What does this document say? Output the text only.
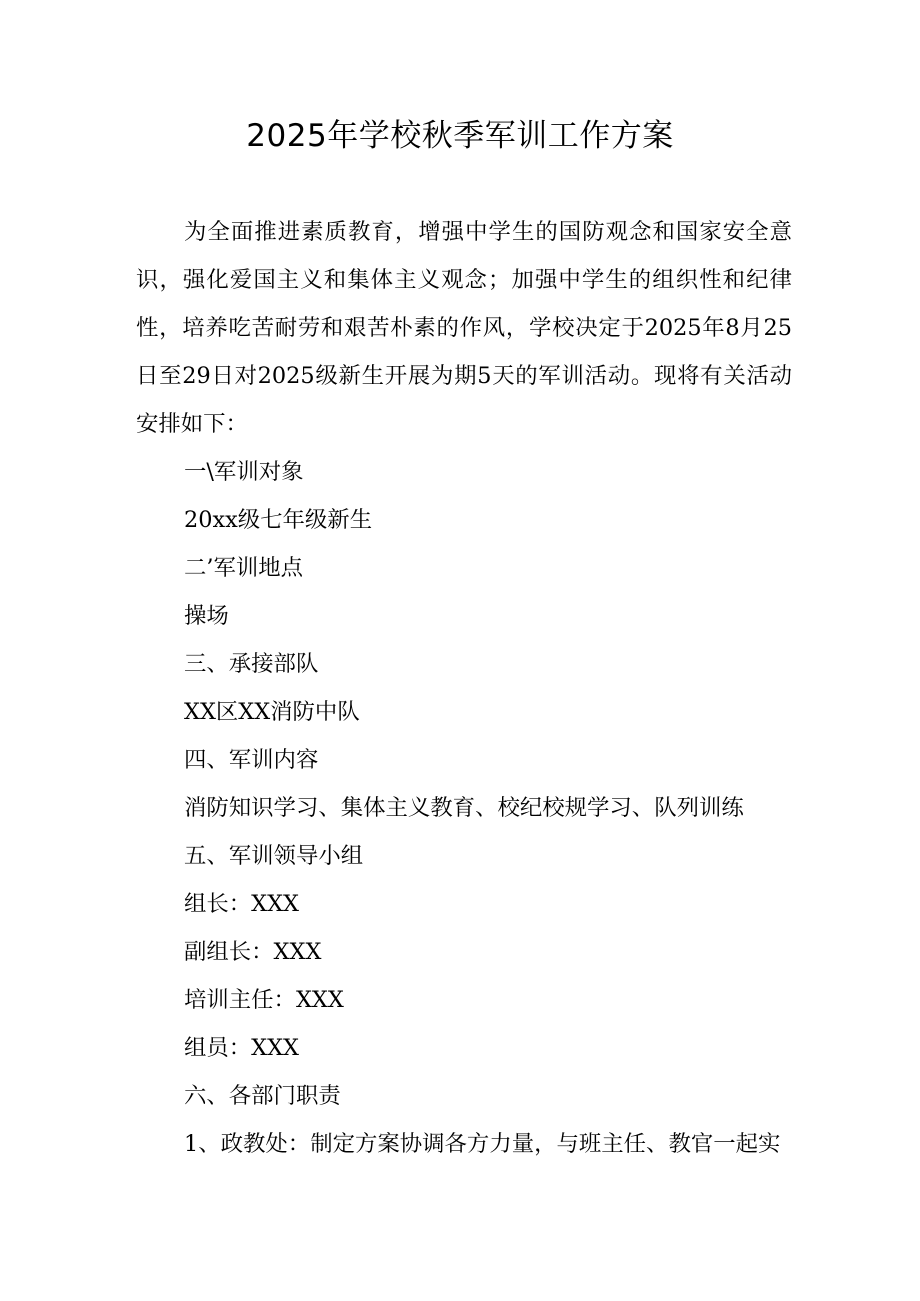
2025年学校秋季军训工作方案

为全面推进素质教育，增强中学生的国防观念和国家安全意识，强化爱国主义和集体主义观念；加强中学生的组织性和纪律性，培养吃苦耐劳和艰苦朴素的作风，学校决定于2025年8月25日至29日对2025级新生开展为期5天的军训活动。现将有关活动安排如下：

一\军训对象

20xx级七年级新生

二’军训地点

操场

三、承接部队

XX区XX消防中队

四、军训内容

消防知识学习、集体主义教育、校纪校规学习、队列训练

五、军训领导小组

组长：XXX

副组长：XXX

培训主任：XXX

组员：XXX

六、各部门职责

1、政教处：制定方案协调各方力量，与班主任、教官一起实
